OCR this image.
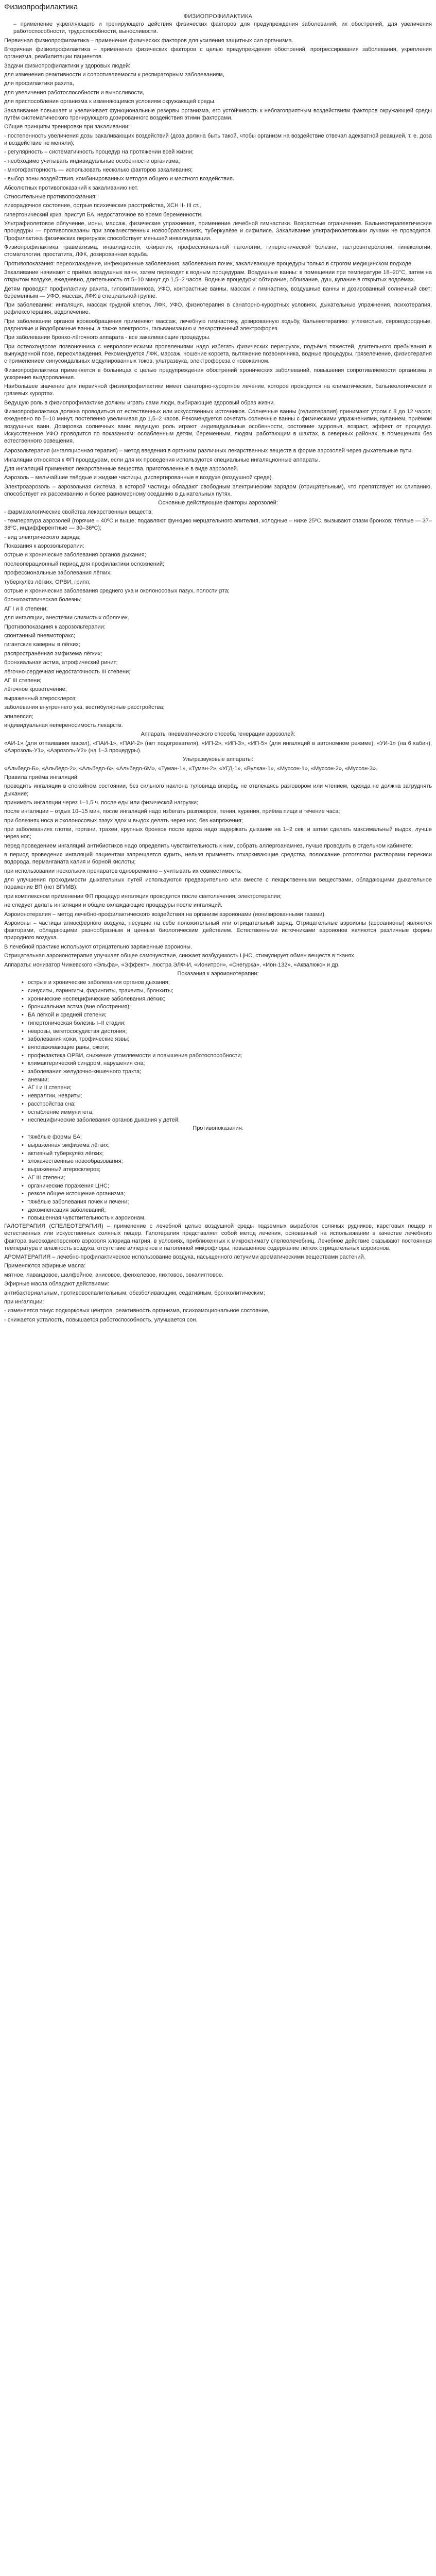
Физиопрофилактика

ФИЗИОПРОФИЛАКТИКА

– применение укрепляющего и тренирующего действия физических факторов для предупреждения заболеваний, их обострений, для увеличения работоспособности, трудоспособности, выносливости.

Первичная физиопрофилактика – применение физических факторов для усиления защитных сил организма.

Вторичная физиопрофилактика – применение физических факторов с целью предупреждения обострений, прогрессирования заболевания, укрепления организма, реабилитации пациентов.

Задачи физиопрофилактики у здоровых людей:

для изменения реактивности и сопротивляемости к респираторным заболеваниям,

для профилактики рахита,

для увеличения работоспособности и выносливости,

для приспособления организма к изменяющимся условиям окружающей среды.

Закаливание повышает и увеличивает функциональные резервы организма, его устойчивость к неблагоприятным воздействиям факторов окружающей среды путём систематического тренирующего дозированного воздействия этими факторами.

Общие принципы тренировки при закаливании:

- постепенность увеличения дозы закаливающих воздействий (доза должна быть такой, чтобы организм на воздействие отвечал адекватной реакцией, т. е. доза и воздействие не меняли);

- регулярность – систематичность процедур на протяжении всей жизни;

- необходимо учитывать индивидуальные особенности организма;

- многофакторность — использовать несколько факторов закаливания;

- выбор зоны воздействия, комбинированных методов общего и местного воздействия.

Абсолютных противопоказаний к закаливанию нет.

Относительные противопоказания:

лихорадочное состояние, острые психические расстройства, ХСН II- III ст.,

гипертонический криз, приступ БА, недостаточное во время беременности.

Ультрафиолетовое облучение, ионы, массаж, физические упражнения, применение лечебной гимнастики. Возрастные ограничения. Бальнеотерапевтические процедуры — противопоказаны при злокачественных новообразованиях, туберкулёзе и сифилисе. Закаливание ультрафиолетовыми лучами не проводится. Профилактика физических перегрузок способствует меньшей инвалидизации.

Физиопрофилактика травматизма, инвалидности, ожирения, профессиональной патологии, гипертонической болезни, гастроэнтерологии, гинекологии, стоматологии, простатита, ЛФК, дозированная ходьба.

Противопоказания: переохлаждение, инфекционные заболевания, заболевания почек, закаливающие процедуры только в строгом медицинском подходе.

Закаливание начинают с приёма воздушных ванн, затем переходят к водным процедурам. Воздушные ванны: в помещении при температуре 18–20°С, затем на открытом воздухе, ежедневно, длительность от 5–10 минут до 1,5–2 часов. Водные процедуры: обтирание, обливание, душ, купание в открытых водоёмах.

Детям проводят профилактику рахита, гиповитаминоза, УФО, контрастные ванны, массаж и гимнастику, воздушные ванны и дозированный солнечный свет; беременным — УФО, массаж, ЛФК в специальной группе.

При заболевании: ингаляция, массаж грудной клетки, ЛФК, УФО, физиотерапия в санаторно-курортных условиях, дыхательные упражнения, психотерапия, рефлексотерапия, водолечение.

При заболевании органов кровообращения применяют массаж, лечебную гимнастику, дозированную ходьбу, бальнеотерапию: углекислые, сероводородные, радоновые и йодобромные ванны, а также электросон, гальванизацию и лекарственный электрофорез.

При заболевании бронхо-лёгочного аппарата - все закаливающие процедуры.

При остеохондрозе позвоночника с неврологическими проявлениями надо избегать физических перегрузок, подъёма тяжестей, длительного пребывания в вынужденной позе, переохлаждения. Рекомендуется ЛФК, массаж, ношение корсета, вытяжение позвоночника, водные процедуры, грязелечение, физиотерапия с применением синусоидальных модулированных токов, ультразвука, электрофореза с новокаином.

Физиопрофилактика применяется в больницах с целью предупреждения обострений хронических заболеваний, повышения сопротивляемости организма и ускорения выздоровления.

Наибольшее значение для первичной физиопрофилактики имеет санаторно-курортное лечение, которое проводится на климатических, бальнеологических и грязевых курортах.

Ведущую роль в физиопрофилактике должны играть сами люди, выбирающие здоровый образ жизни.

Физиопрофилактика должна проводиться от естественных или искусственных источников. Солнечные ванны (гелиотерапия) принимают утром с 8 до 12 часов; ежедневно по 5–10 минут, постепенно увеличивая до 1,5–2 часов. Рекомендуется сочетать солнечные ванны с физическими упражнениями, купанием, приёмом воздушных ванн. Дозировка солнечных ванн: ведущую роль играют индивидуальные особенности, состояние здоровья, возраст, эффект от процедур. Искусственное УФО проводится по показаниям: ослабленным детям, беременным, людям, работающим в шахтах, в северных районах, в помещениях без естественного освещения.

Аэрозольтерапия (ингаляционная терапия) – метод введения в организм различных лекарственных веществ в форме аэрозолей через дыхательные пути.

Ингаляции относятся к ФП процедурам, если для их проведения используются специальные ингаляционные аппараты.

Для ингаляций применяют лекарственные вещества, приготовленные в виде аэрозолей.

Аэрозоль – мельчайшие твёрдые и жидкие частицы, диспергированные в воздухе (воздушной среде).

Электроаэрозоль – аэрозольная система, в которой частицы обладают свободным электрическим зарядом (отрицательным), что препятствует их слипанию, способствует их рассеиванию и более равномерному оседанию в дыхательных путях.

Основные действующие факторы аэрозолей:

- фармакологические свойства лекарственных веществ;

- температура аэрозолей (горячие – 40ºС и выше; подавляют функцию мерцательного эпителия, холодные – ниже 25ºС, вызывают спазм бронхов; тёплые — 37–38ºС, индифферентные — 30–36ºС);

- вид электрического заряда;

Показания к аэрозольтерапии:

острые и хронические заболевания органов дыхания;

послеоперационный период для профилактики осложнений;

профессиональные заболевания лёгких;

туберкулёз лёгких, ОРВИ, грипп;

острые и хронические заболевания среднего уха и околоносовых пазух, полости рта;

бронхоэктатическая болезнь;

АГ I и II степени;

для ингаляции, анестезии слизистых оболочек.

Противопоказания к аэрозольтерапии:

спонтанный пневмоторакс;

гигантские каверны в лёгких;

распространённая эмфизема лёгких;

бронхиальная астма, атрофический ринит;

лёгочно-сердечная недостаточность III степени;

АГ III степени;

лёгочное кровотечение;

выраженный атеросклероз;

заболевания внутреннего уха, вестибулярные расстройства;

эпилепсия;

индивидуальная непереносимость лекарств.

Аппараты пневматического способа генерации аэрозолей:

«АИ-1» (для отпаивания масел), «ПАИ-1», «ПАИ-2» (нет подогревателя), «ИП-2», «ИП-3», «ИП-5» (для ингаляций в автономном режиме), «УИ-1» (на 6 кабин), «Аэрозоль-У1», «Аэрозоль-У2» (на 1–3 процедуры).

Ультразвуковые аппараты:

«Альбедо-Б», «Альбедо-2», «Альбедо-6», «Альбедо-6М», «Туман-1», «Туман-2», «УГД-1», «Вулкан-1», «Муссон-1», «Муссон-2», «Муссон-3».

Правила приёма ингаляций:

проводить ингаляции в спокойном состоянии, без сильного наклона туловища вперёд, не отвлекаясь разговором или чтением, одежда не должна затруднять дыхание;

принимать ингаляции через 1–1,5 ч. после еды или физической нагрузки;

после ингаляции – отдых 10–15 мин, после ингаляций надо избегать разговоров, пения, курения, приёма пищи в течение часа;

при болезнях носа и околоносовых пазух вдох и выдох делать через нос, без напряжения;

при заболеваниях глотки, гортани, трахеи, крупных бронхов после вдоха надо задержать дыхание на 1–2 сек, и затем сделать максимальный выдох, лучше через нос;

перед проведением ингаляций антибиотиков надо определить чувствительность к ним, собрать аллергоанамнез, лучше проводить в отдельном кабинете;

в период проведения ингаляций пациентам запрещается курить, нельзя применять отхаркивающие средства, полоскание ротоглотки растворами перекиси водорода, перманганата калия и борной кислоты;

при использовании нескольких препаратов одновременно – учитывать их совместимость;

для улучшения проходимости дыхательных путей используются предварительно или вместе с лекарственными веществами, обладающими дыхательное поражение ВП (нет ВП/МВ);

при комплексном применении ФП процедур ингаляция проводится после светолечения, электротерапии;

не следует делать ингаляции и общие охлаждающие процедуры после ингаляций.

Аэроионотерапия – метод лечебно-профилактического воздействия на организм аэроионами (ионизированными газами).

Аэроионы – частицы атмосферного воздуха, несущие на себе положительный или отрицательный заряд. Отрицательные аэроионы (аэроанионы) являются факторами, обладающими разнообразным и ценным биологическим действием. Естественными источниками аэроионов являются различные формы природного воздуха.

В лечебной практике используют отрицательно заряженные аэроионы.

Отрицательная аэроионотерапия улучшает общее самочувствие, снижает возбудимость ЦНС, стимулирует обмен веществ в тканях.

Аппараты: ионизатор Чижевского «Эльфа», «Эффект», люстра ЭЛФ-И, «Ионитрон», «Снегурка», «Ион-132», «Аквалюкс» и др.

Показания к аэроионотерапии:

• острые и хронические заболевания органов дыхания;

• синуситы, ларингиты, фарингиты, трахеиты, бронхиты;

• хронические неспецифические заболевания лёгких;

• бронхиальная астма (вне обострения);

• БА лёгкой и средней степени;

• гипертоническая болезнь I–II стадии;

• неврозы, вегетососудистая дистония;

• заболевания кожи, трофические язвы;

• вялозаживающие раны, ожоги;

• профилактика ОРВИ, снижение утомляемости и повышение работоспособности;

• климактерический синдром, нарушения сна;

• заболевания желудочно-кишечного тракта;

• анемии;

• АГ I и II степени;

• невралгии, невриты;

• расстройства сна;

• ослабление иммунитета;

• неспецифические заболевания органов дыхания у детей.

Противопоказания:

• тяжёлые формы БА;

• выраженная эмфизема лёгких;

• активный туберкулёз лёгких;

• злокачественные новообразования;

• выраженный атеросклероз;

• АГ III степени;

• органические поражения ЦНС;

• резкое общее истощение организма;

• тяжёлые заболевания почек и печени;

• декомпенсация заболеваний;

• повышенная чувствительность к аэроионам.

ГАЛОТЕРАПИЯ (СПЕЛЕОТЕРАПИЯ) – применение с лечебной целью воздушной среды подземных выработок соляных рудников, карстовых пещер и естественных или искусственных соляных пещер. Галотерапия представляет собой метод лечения, основанный на использовании в качестве лечебного фактора высокодисперсного аэрозоля хлорида натрия, в условиях, приближенных к микроклимату спелеолечебниц. Лечебное действие оказывают постоянная температура и влажность воздуха, отсутствие аллергенов и патогенной микрофлоры, повышенное содержание лёгких отрицательных аэроионов.

АРОМАТЕРАПИЯ – лечебно-профилактическое использование воздуха, насыщенного летучими ароматическими веществами растений.

Применяются эфирные масла:

мятное, лавандовое, шалфейное, анисовое, фенхелевое, пихтовое, эвкалиптовое.

Эфирные масла обладают действиями:

антибактериальным, противовоспалительным, обезболивающим, седативным, бронхолитическим;

при ингаляции:

- изменяется тонус подкорковых центров, реактивность организма, психоэмоциональное состояние,

- снижается усталость, повышается работоспособность, улучшается сон.
